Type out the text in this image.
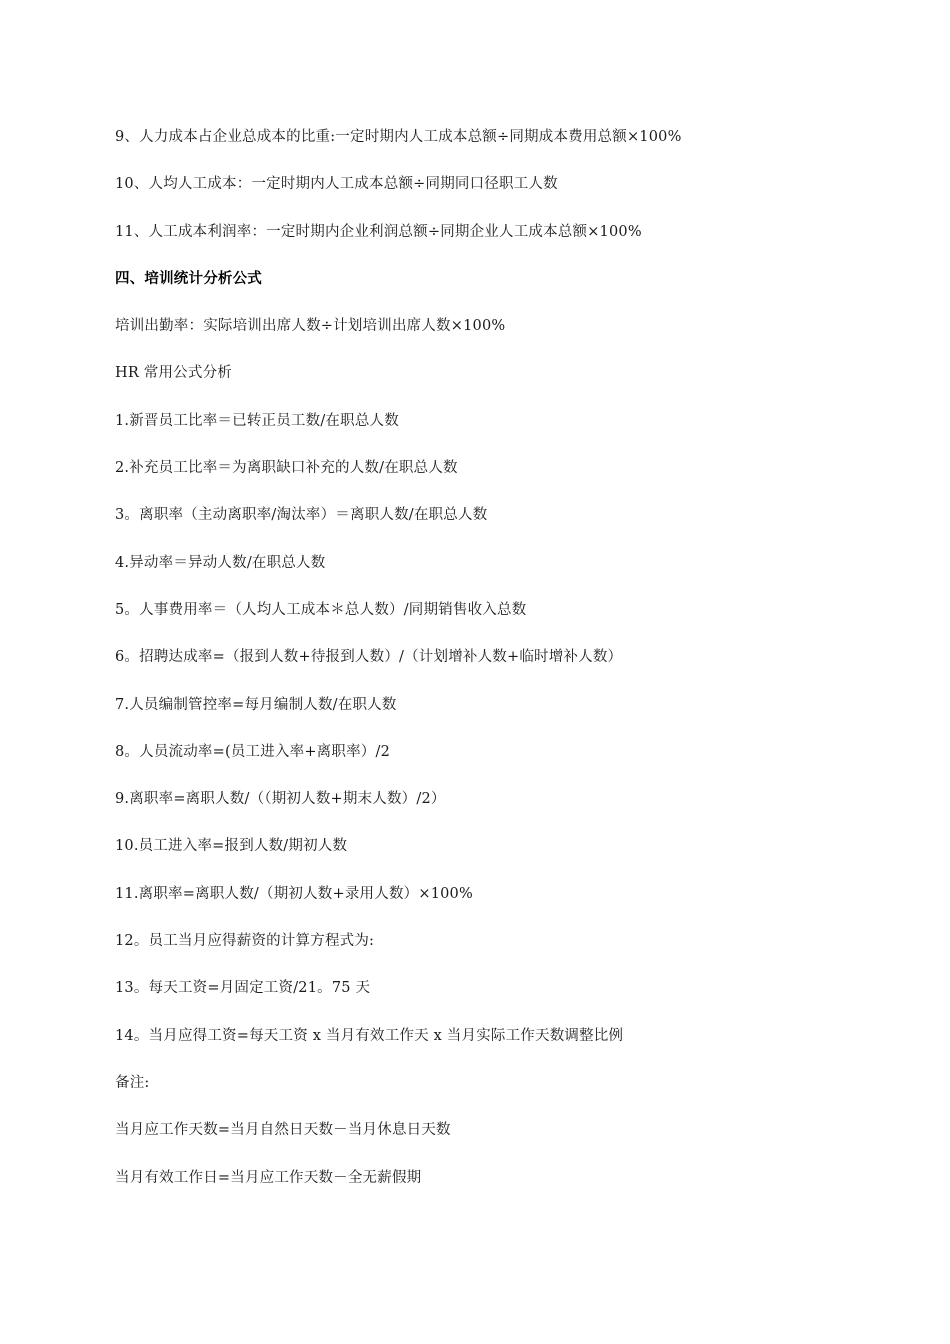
9、人力成本占企业总成本的比重:一定时期内人工成本总额÷同期成本费用总额×100%
10、人均人工成本：一定时期内人工成本总额÷同期同口径职工人数
11、人工成本利润率：一定时期内企业利润总额÷同期企业人工成本总额×100%
四、培训统计分析公式
培训出勤率：实际培训出席人数÷计划培训出席人数×100%
HR 常用公式分析
1.新晋员工比率＝已转正员工数/在职总人数
2.补充员工比率＝为离职缺口补充的人数/在职总人数
3。离职率（主动离职率/淘汰率）＝离职人数/在职总人数
4.异动率＝异动人数/在职总人数
5。人事费用率＝（人均人工成本＊总人数）/同期销售收入总数
6。招聘达成率=（报到人数+待报到人数）/（计划增补人数+临时增补人数）
7.人员编制管控率=每月编制人数/在职人数
8。人员流动率=(员工进入率+离职率）/2
9.离职率=离职人数/（（期初人数+期末人数）/2）
10.员工进入率=报到人数/期初人数
11.离职率=离职人数/（期初人数+录用人数）×100%
12。员工当月应得薪资的计算方程式为:
13。每天工资=月固定工资/21。75 天
14。当月应得工资=每天工资 x 当月有效工作天 x 当月实际工作天数调整比例
备注:
当月应工作天数=当月自然日天数－当月休息日天数
当月有效工作日=当月应工作天数－全无薪假期
